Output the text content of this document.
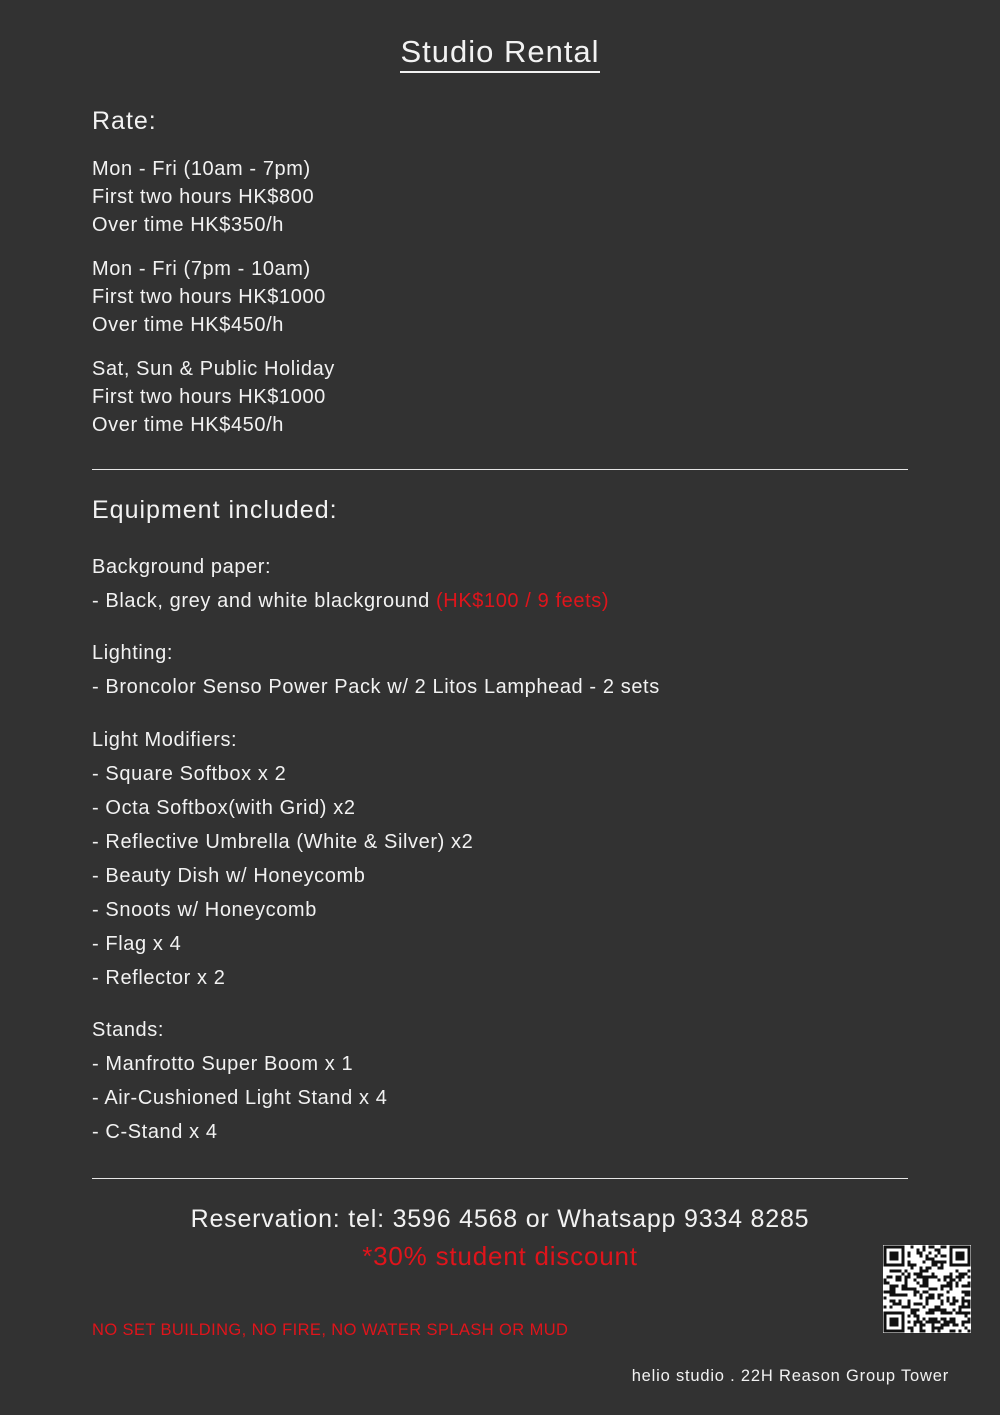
Studio Rental
Rate:
Mon - Fri (10am - 7pm)
First two hours HK$800
Over time HK$350/h
Mon - Fri (7pm - 10am)
First two hours HK$1000
Over time HK$450/h
Sat, Sun & Public Holiday
First two hours HK$1000
Over time HK$450/h
Equipment included:
Background paper:
- Black, grey and white blackground (HK$100 / 9 feets)
Lighting:
- Broncolor Senso Power Pack w/ 2 Litos Lamphead - 2 sets
Light Modifiers:
- Square Softbox x 2
- Octa Softbox(with Grid) x2
- Reflective Umbrella (White & Silver) x2
- Beauty Dish w/ Honeycomb
- Snoots w/ Honeycomb
- Flag x 4
- Reflector x 2
Stands:
- Manfrotto Super Boom x 1
- Air-Cushioned Light Stand x 4
- C-Stand x 4
Reservation: tel: 3596 4568 or Whatsapp 9334 8285
*30% student discount
NO SET BUILDING, NO FIRE, NO WATER SPLASH OR MUD
helio studio . 22H Reason Group Tower
